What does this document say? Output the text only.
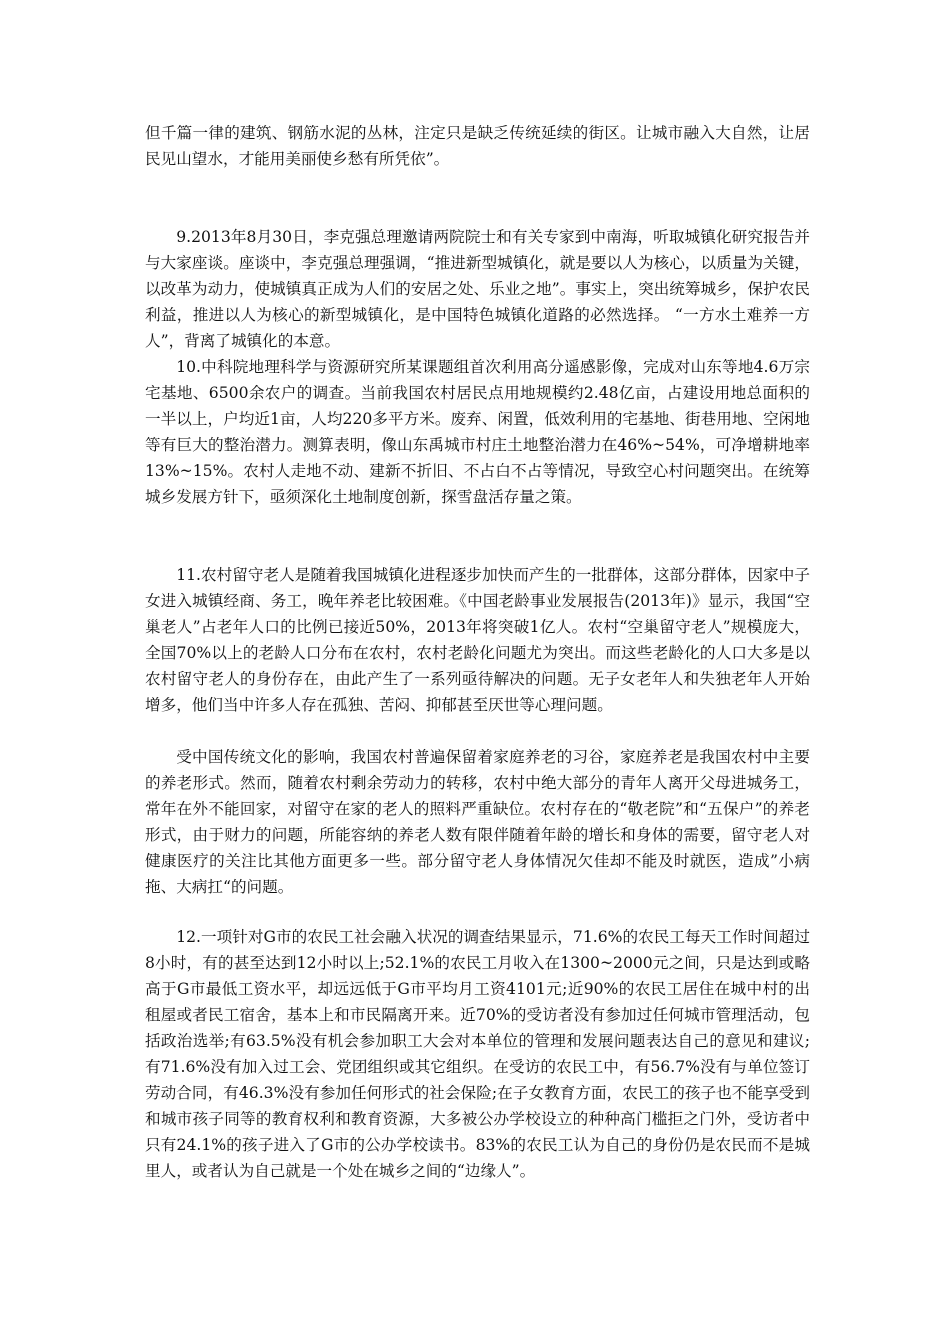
但千篇一律的建筑、钢筋水泥的丛林，注定只是缺乏传统延续的街区。让城市融入大自然，让居民见山望水，才能用美丽使乡愁有所凭依”。

9.2013年8月30日，李克强总理邀请两院院士和有关专家到中南海，听取城镇化研究报告并与大家座谈。座谈中，李克强总理强调，“推进新型城镇化，就是要以人为核心，以质量为关键，以改革为动力，使城镇真正成为人们的安居之处、乐业之地”。事实上，突出统筹城乡，保护农民利益，推进以人为核心的新型城镇化，是中国特色城镇化道路的必然选择。 “一方水土难养一方人”，背离了城镇化的本意。

10.中科院地理科学与资源研究所某课题组首次利用高分遥感影像，完成对山东等地4.6万宗宅基地、6500余农户的调查。当前我国农村居民点用地规模约2.48亿亩，占建设用地总面积的一半以上，户均近1亩，人均220多平方米。废弃、闲置，低效利用的宅基地、街巷用地、空闲地等有巨大的整治潜力。测算表明，像山东禹城市村庄土地整治潜力在46%~54%，可净增耕地率13%~15%。农村人走地不动、建新不折旧、不占白不占等情况，导致空心村问题突出。在统筹城乡发展方针下，亟须深化土地制度创新，探雪盘活存量之策。

11.农村留守老人是随着我国城镇化进程逐步加快而产生的一批群体，这部分群体，因家中子女进入城镇经商、务工，晚年养老比较困难。《中国老龄事业发展报告(2013年)》显示，我国“空巢老人”占老年人口的比例已接近50%，2013年将突破1亿人。农村“空巢留守老人”规模庞大，全国70%以上的老龄人口分布在农村，农村老龄化问题尤为突出。而这些老龄化的人口大多是以农村留守老人的身份存在，由此产生了一系列亟待解决的问题。无子女老年人和失独老年人开始增多，他们当中许多人存在孤独、苦闷、抑郁甚至厌世等心理问题。

受中国传统文化的影响，我国农村普遍保留着家庭养老的习谷，家庭养老是我国农村中主要的养老形式。然而，随着农村剩余劳动力的转移，农村中绝大部分的青年人离开父母进城务工，常年在外不能回家，对留守在家的老人的照料严重缺位。农村存在的“敬老院”和“五保户”的养老形式，由于财力的问题，所能容纳的养老人数有限伴随着年龄的增长和身体的需要，留守老人对健康医疗的关注比其他方面更多一些。部分留守老人身体情况欠佳却不能及时就医，造成”小病拖、大病扛“的问题。

12.一项针对G市的农民工社会融入状况的调查结果显示，71.6%的农民工每天工作时间超过8小时，有的甚至达到12小时以上;52.1%的农民工月收入在1300~2000元之间，只是达到或略高于G市最低工资水平，却远远低于G市平均月工资4101元;近90%的农民工居住在城中村的出租屋或者民工宿舍，基本上和市民隔离开来。近70%的受访者没有参加过任何城市管理活动，包括政治选举;有63.5%没有机会参加职工大会对本单位的管理和发展问题表达自己的意见和建议;有71.6%没有加入过工会、党团组织或其它组织。在受访的农民工中，有56.7%没有与单位签订劳动合同，有46.3%没有参加任何形式的社会保险;在子女教育方面，农民工的孩子也不能享受到和城市孩子同等的教育权利和教育资源，大多被公办学校设立的种种高门槛拒之门外，受访者中只有24.1%的孩子进入了G市的公办学校读书。83%的农民工认为自己的身份仍是农民而不是城里人，或者认为自己就是一个处在城乡之间的“边缘人”。
